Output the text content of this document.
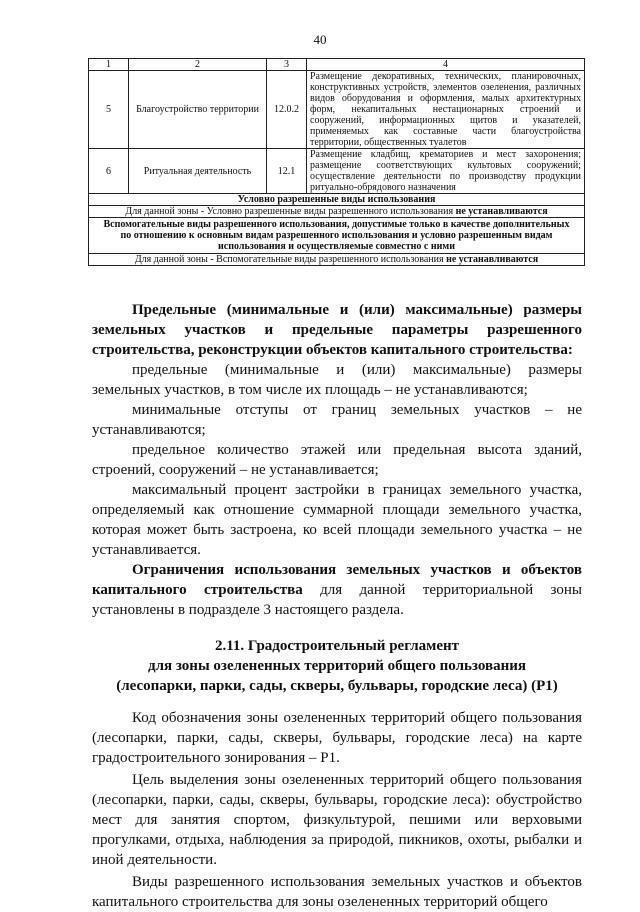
40
1	2	3	4
5	Благоустройство территории	12.0.2	Размещение декоративных, технических, планировочных, конструктивных устройств, элементов озеленения, различных видов оборудования и оформления, малых архитектурных форм, некапитальных нестационарных строений и сооружений, информационных щитов и указателей, применяемых как составные части благоустройства территории, общественных туалетов
6	Ритуальная деятельность	12.1	Размещение кладбищ, крематориев и мест захоронения; размещение соответствующих культовых сооружений; осуществление деятельности по производству продукции ритуально-обрядового назначения
Условно разрешенные виды использования			
Для данной зоны - Условно разрешенные виды разрешенного использования не устанавливаются			
Вспомогательные виды разрешенного использования, допустимые только в качестве дополнительных по отношению к основным видам разрешенного использования и условно разрешенным видам использования и осуществляемые совместно с ними			
Для данной зоны - Вспомогательные виды разрешенного использования не устанавливаются			

Предельные (минимальные и (или) максимальные) размеры земельных участков и предельные параметры разрешенного строительства, реконструкции объектов капитального строительства:

предельные (минимальные и (или) максимальные) размеры земельных участков, в том числе их площадь – не устанавливаются;

минимальные отступы от границ земельных участков – не устанавливаются;

предельное количество этажей или предельная высота зданий, строений, сооружений – не устанавливается;

максимальный процент застройки в границах земельного участка, определяемый как отношение суммарной площади земельного участка, которая может быть застроена, ко всей площади земельного участка – не устанавливается.

Ограничения использования земельных участков и объектов капитального строительства для данной территориальной зоны установлены в подразделе 3 настоящего раздела.

2.11. Градостроительный регламент
для зоны озелененных территорий общего пользования
(лесопарки, парки, сады, скверы, бульвары, городские леса) (Р1)

Код обозначения зоны озелененных территорий общего пользования (лесопарки, парки, сады, скверы, бульвары, городские леса) на карте градостроительного зонирования – Р1.

Цель выделения зоны озелененных территорий общего пользования (лесопарки, парки, сады, скверы, бульвары, городские леса): обустройство мест для занятия спортом, физкультурой, пешими или верховыми прогулками, отдыха, наблюдения за природой, пикников, охоты, рыбалки и иной деятельности.

Виды разрешенного использования земельных участков и объектов капитального строительства для зоны озелененных территорий общего
